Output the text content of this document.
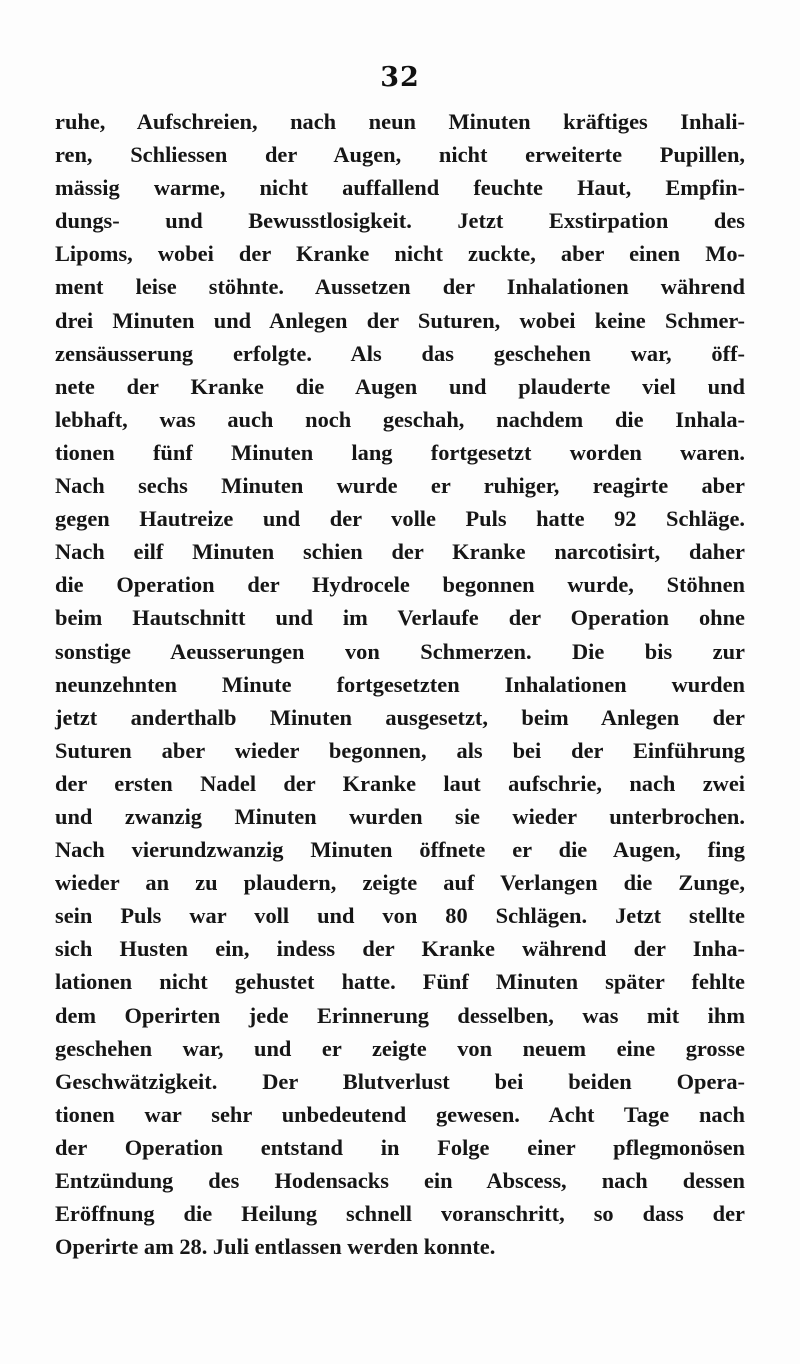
32
ruhe, Aufschreien, nach neun Minuten kräftiges Inhali-
ren, Schliessen der Augen, nicht erweiterte Pupillen,
mässig warme, nicht auffallend feuchte Haut, Empfin-
dungs- und Bewusstlosigkeit. Jetzt Exstirpation des
Lipoms, wobei der Kranke nicht zuckte, aber einen Mo-
ment leise stöhnte. Aussetzen der Inhalationen während
drei Minuten und Anlegen der Suturen, wobei keine Schmer-
zensäusserung erfolgte. Als das geschehen war, öff-
nete der Kranke die Augen und plauderte viel und
lebhaft, was auch noch geschah, nachdem die Inhala-
tionen fünf Minuten lang fortgesetzt worden waren.
Nach sechs Minuten wurde er ruhiger, reagirte aber
gegen Hautreize und der volle Puls hatte 92 Schläge.
Nach eilf Minuten schien der Kranke narcotisirt, daher
die Operation der Hydrocele begonnen wurde, Stöhnen
beim Hautschnitt und im Verlaufe der Operation ohne
sonstige Aeusserungen von Schmerzen. Die bis zur
neunzehnten Minute fortgesetzten Inhalationen wurden
jetzt anderthalb Minuten ausgesetzt, beim Anlegen der
Suturen aber wieder begonnen, als bei der Einführung
der ersten Nadel der Kranke laut aufschrie, nach zwei
und zwanzig Minuten wurden sie wieder unterbrochen.
Nach vierundzwanzig Minuten öffnete er die Augen, fing
wieder an zu plaudern, zeigte auf Verlangen die Zunge,
sein Puls war voll und von 80 Schlägen. Jetzt stellte
sich Husten ein, indess der Kranke während der Inha-
lationen nicht gehustet hatte. Fünf Minuten später fehlte
dem Operirten jede Erinnerung desselben, was mit ihm
geschehen war, und er zeigte von neuem eine grosse
Geschwätzigkeit. Der Blutverlust bei beiden Opera-
tionen war sehr unbedeutend gewesen. Acht Tage nach
der Operation entstand in Folge einer pflegmonösen
Entzündung des Hodensacks ein Abscess, nach dessen
Eröffnung die Heilung schnell voranschritt, so dass der
Operirte am 28. Juli entlassen werden konnte.
